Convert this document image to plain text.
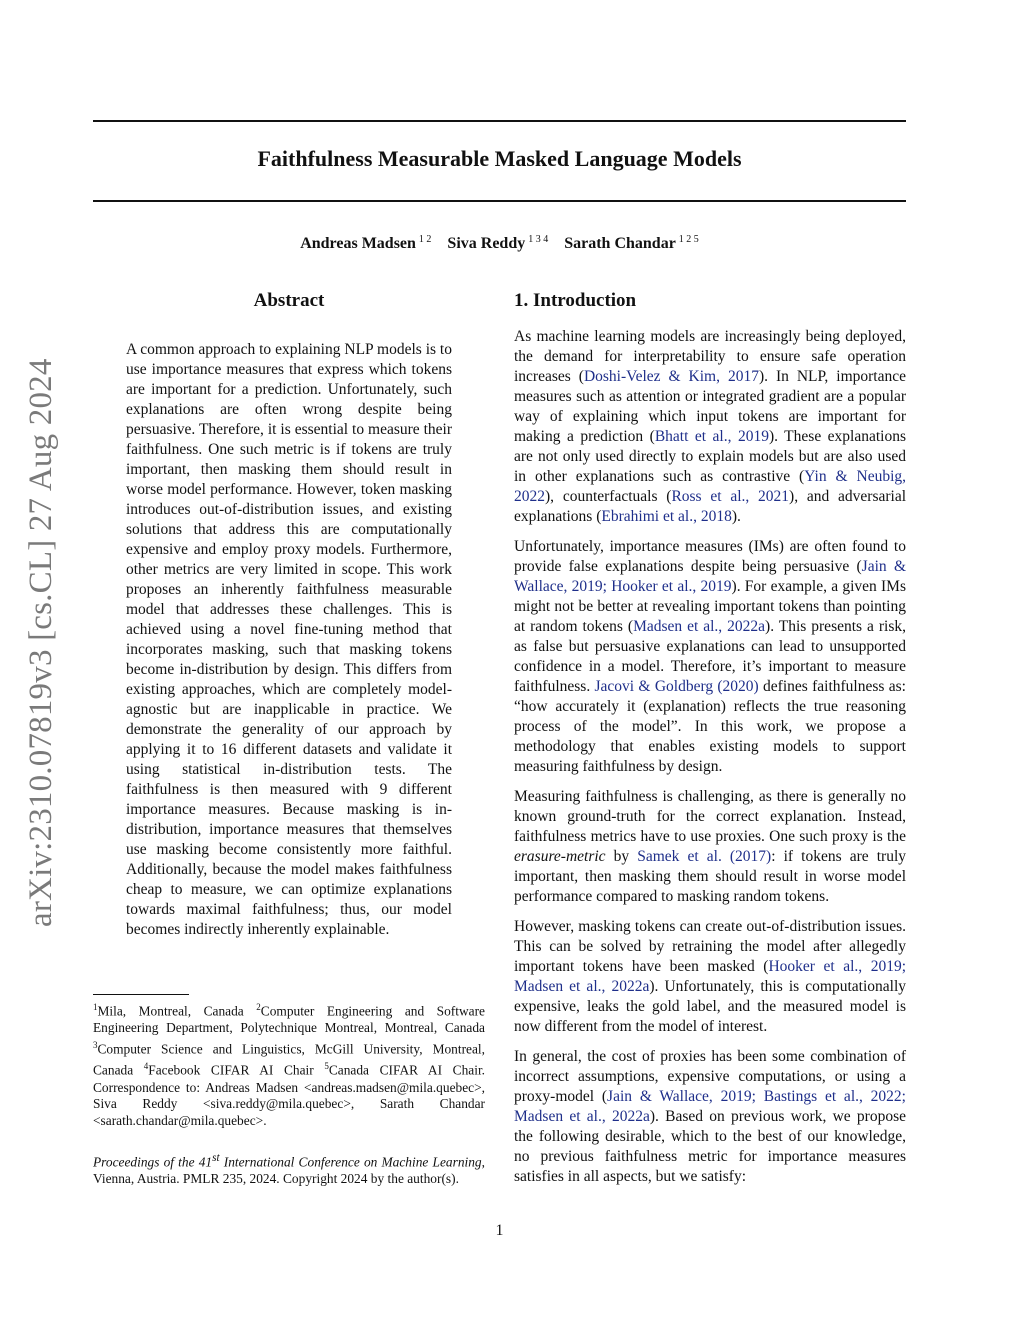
arXiv:2310.07819v3 [cs.CL] 27 Aug 2024
Faithfulness Measurable Masked Language Models
Andreas Madsen $^{1 2}$ Siva Reddy $^{1 3 4}$ Sarath Chandar $^{1 2 5}$
Abstract

A common approach to explaining NLP models is to use importance measures that express which tokens are important for a prediction. Unfortunately, such explanations are often wrong despite being persuasive. Therefore, it is essential to measure their faithfulness. One such metric is if tokens are truly important, then masking them should result in worse model performance. However, token masking introduces out-of-distribution issues, and existing solutions that address this are computationally expensive and employ proxy models. Furthermore, other metrics are very limited in scope. This work proposes an inherently faithfulness measurable model that addresses these challenges. This is achieved using a novel fine-tuning method that incorporates masking, such that masking tokens become in-distribution by design. This differs from existing approaches, which are completely model-agnostic but are inapplicable in practice. We demonstrate the generality of our approach by applying it to 16 different datasets and validate it using statistical in-distribution tests. The faithfulness is then measured with 9 different importance measures. Because masking is in-distribution, importance measures that themselves use masking become consistently more faithful. Additionally, because the model makes faithfulness cheap to measure, we can optimize explanations towards maximal faithfulness; thus, our model becomes indirectly inherently explainable.

$^1$Mila, Montreal, Canada $^2$Computer Engineering and Software Engineering Department, Polytechnique Montreal, Montreal, Canada $^3$Computer Science and Linguistics, McGill University, Montreal, Canada $^4$Facebook CIFAR AI Chair $^5$Canada CIFAR AI Chair. Correspondence to: Andreas Madsen <andreas.madsen@mila.quebec>, Siva Reddy <siva.reddy@mila.quebec>, Sarath Chandar <sarath.chandar@mila.quebec>.

Proceedings of the 41st International Conference on Machine Learning, Vienna, Austria. PMLR 235, 2024. Copyright 2024 by the author(s).

1. Introduction

As machine learning models are increasingly being deployed, the demand for interpretability to ensure safe operation increases (Doshi-Velez & Kim, 2017). In NLP, importance measures such as attention or integrated gradient are a popular way of explaining which input tokens are important for making a prediction (Bhatt et al., 2019). These explanations are not only used directly to explain models but are also used in other explanations such as contrastive (Yin & Neubig, 2022), counterfactuals (Ross et al., 2021), and adversarial explanations (Ebrahimi et al., 2018).

Unfortunately, importance measures (IMs) are often found to provide false explanations despite being persuasive (Jain & Wallace, 2019; Hooker et al., 2019). For example, a given IMs might not be better at revealing important tokens than pointing at random tokens (Madsen et al., 2022a). This presents a risk, as false but persuasive explanations can lead to unsupported confidence in a model. Therefore, it’s important to measure faithfulness. Jacovi & Goldberg (2020) defines faithfulness as: “how accurately it (explanation) reflects the true reasoning process of the model”. In this work, we propose a methodology that enables existing models to support measuring faithfulness by design.

Measuring faithfulness is challenging, as there is generally no known ground-truth for the correct explanation. Instead, faithfulness metrics have to use proxies. One such proxy is the erasure-metric by Samek et al. (2017): if tokens are truly important, then masking them should result in worse model performance compared to masking random tokens.

However, masking tokens can create out-of-distribution issues. This can be solved by retraining the model after allegedly important tokens have been masked (Hooker et al., 2019; Madsen et al., 2022a). Unfortunately, this is computationally expensive, leaks the gold label, and the measured model is now different from the model of interest.

In general, the cost of proxies has been some combination of incorrect assumptions, expensive computations, or using a proxy-model (Jain & Wallace, 2019; Bastings et al., 2022; Madsen et al., 2022a). Based on previous work, we propose the following desirable, which to the best of our knowledge, no previous faithfulness metric for importance measures satisfies in all aspects, but we satisfy:

1
